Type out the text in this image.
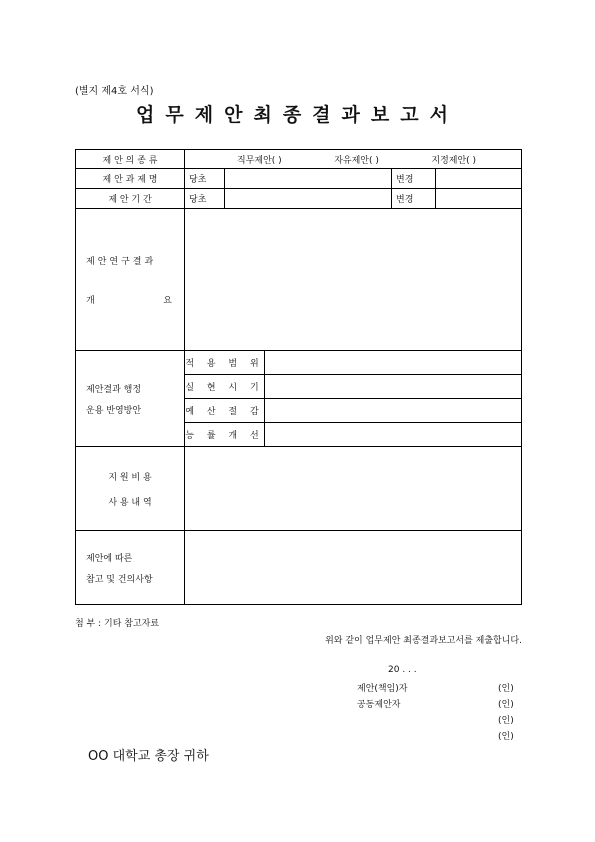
(별지 제4호 서식)
업무제안최종결과보고서
제 안 의 종 류	직무제안( ) 자유제안( ) 지정제안( )				

제 안 과 제 명	당초			변경	
제 안 기 간	당초			변경	

제안연구결과
개 요					

제안결과 행정
운용 반영방안	적 용 범 위				
	실 현 시 기				
	예 산 절 감				
	능 률 개 선				

지 원 비 용
사 용 내 역					

제안에 따른
참고 및 건의사항					

첨 부 : 기타 참고자료
위와 같이 업무제안 최종결과보고서를 제출합니다.
20 . . .
제안(책임)자	(인)
공동제안자	(인)
(인)
(인)
OO 대학교 총장 귀하
